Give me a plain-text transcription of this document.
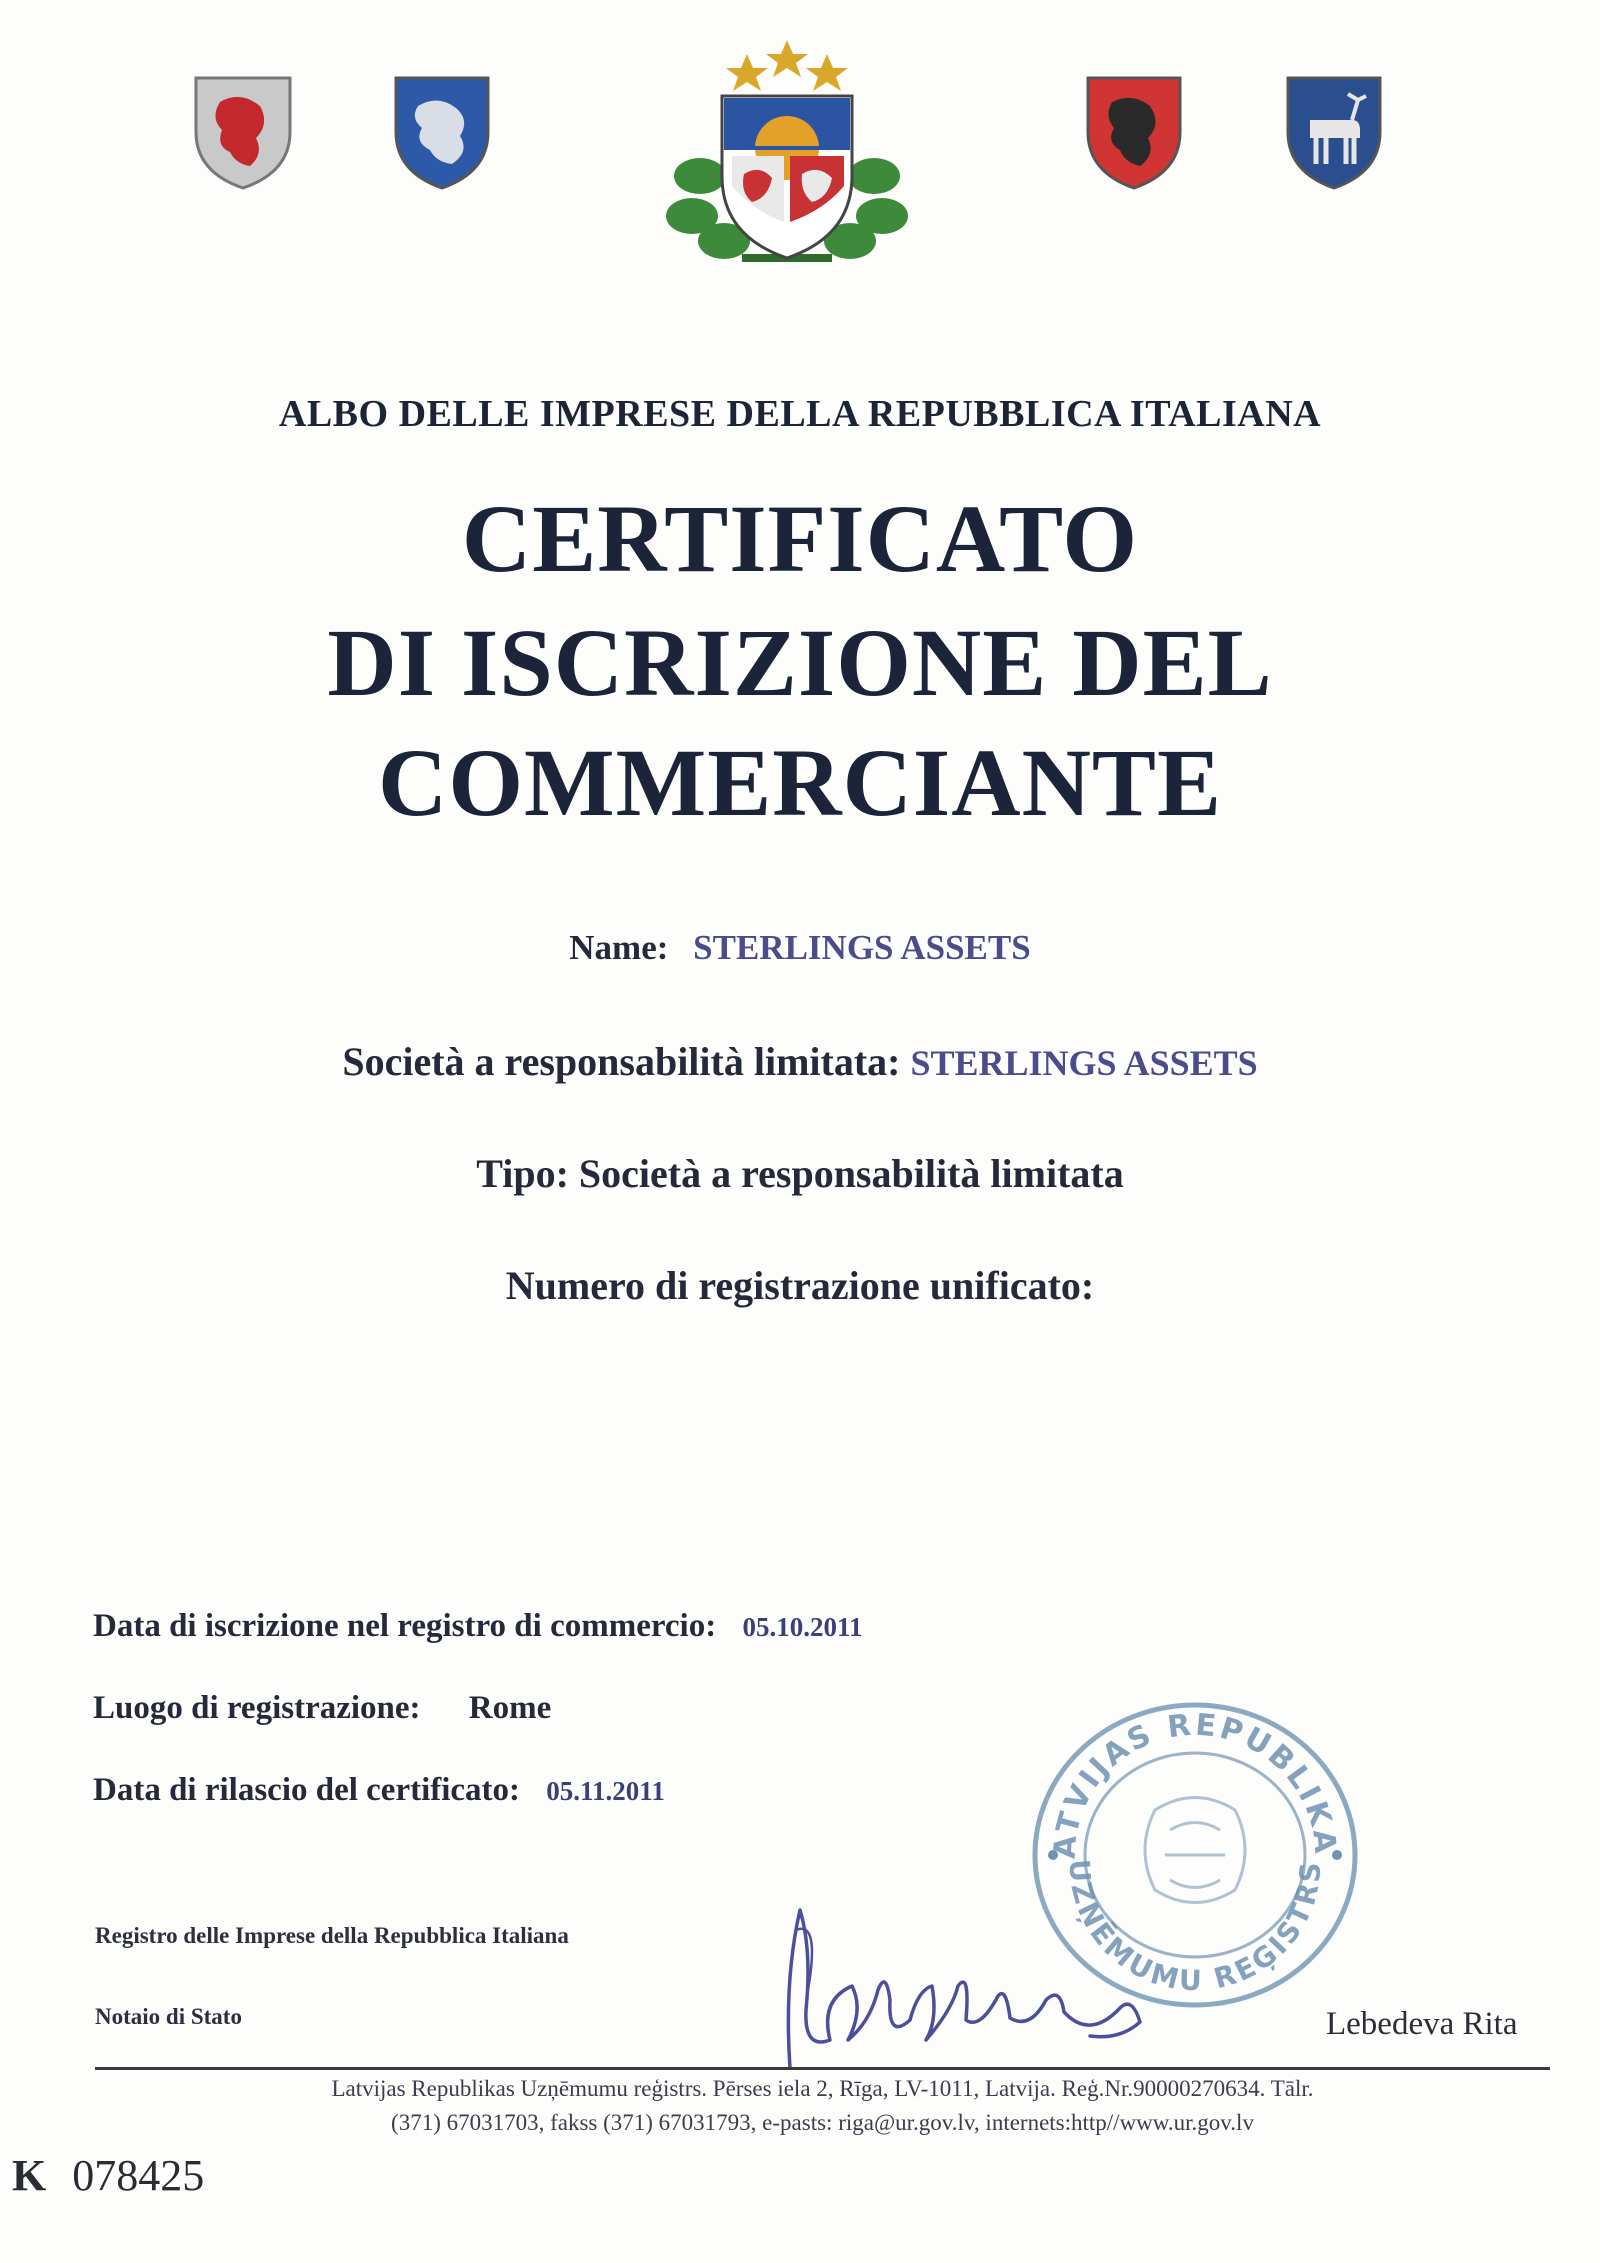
ALBO DELLE IMPRESE DELLA REPUBBLICA ITALIANA
CERTIFICATO
DI ISCRIZIONE DEL
COMMERCIANTE
Name: STERLINGS ASSETS
Società a responsabilità limitata: STERLINGS ASSETS
Tipo: Società a responsabilità limitata
Numero di registrazione unificato:
Data di iscrizione nel registro di commercio: 05.10.2011
Luogo di registrazione: Rome
Data di rilascio del certificato: 05.11.2011
ATVIJAS REPUBLIKA
UZŅĒMUMU REĢISTRS
Registro delle Imprese della Repubblica Italiana
Notaio di Stato	Lebedeva Rita
Latvijas Republikas Uzņēmumu reģistrs. Pērses iela 2, Rīga, LV-1011, Latvija. Reģ.Nr.90000270634. Tālr.
(371) 67031703, fakss (371) 67031793, e-pasts: riga@ur.gov.lv, internets:http//www.ur.gov.lv
K 078425
